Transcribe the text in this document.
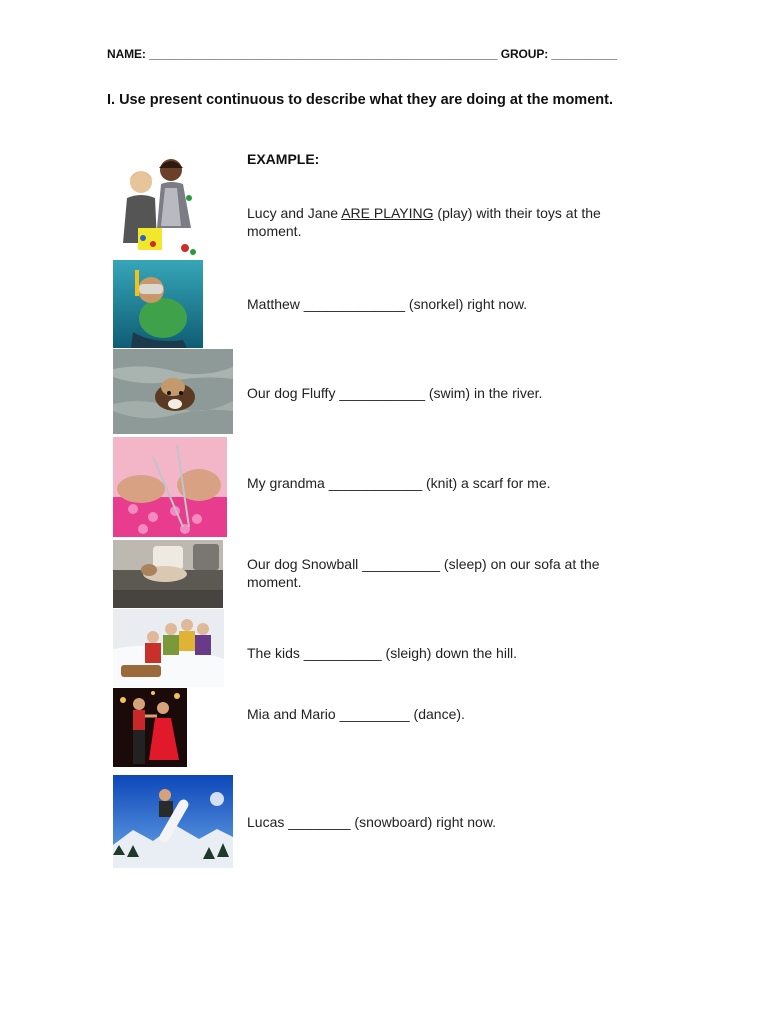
NAME: _____________________________________________________ GROUP: __________
I. Use present continuous to describe what they are doing at the moment.
EXAMPLE:
Lucy and Jane ARE PLAYING (play) with their toys at the moment.
Matthew _____________ (snorkel) right now.
Our dog Fluffy ___________ (swim) in the river.
My grandma ____________ (knit) a scarf for me.
Our dog Snowball __________ (sleep) on our sofa at the moment.
The kids __________ (sleigh) down the hill.
Mia and Mario _________ (dance).
Lucas ________ (snowboard) right now.
